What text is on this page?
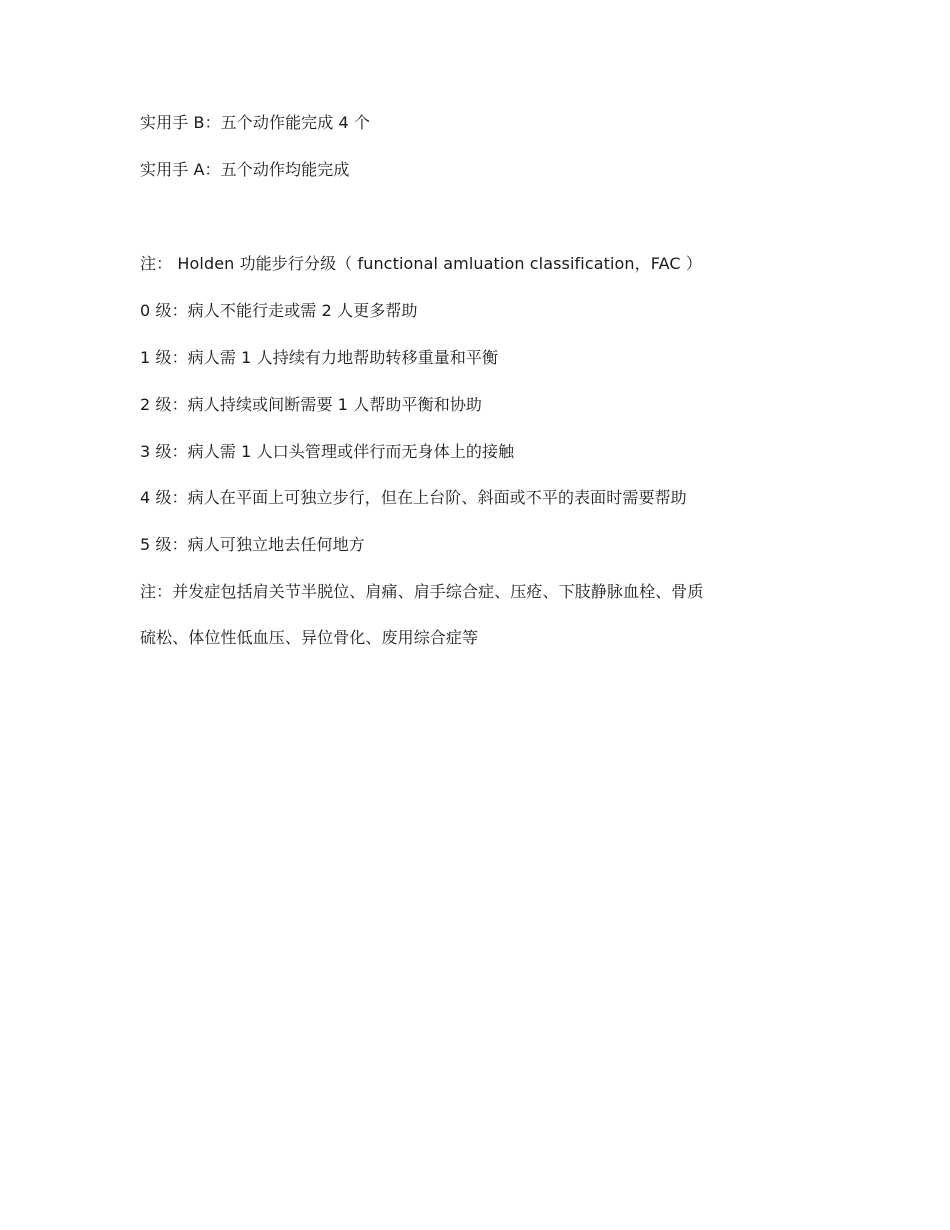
实用手 B：五个动作能完成 4 个
实用手 A：五个动作均能完成
注： Holden 功能步行分级（ functional amluation classification，FAC ）
0 级：病人不能行走或需 2 人更多帮助
1 级：病人需 1 人持续有力地帮助转移重量和平衡
2 级：病人持续或间断需要 1 人帮助平衡和协助
3 级：病人需 1 人口头管理或伴行而无身体上的接触
4 级：病人在平面上可独立步行，但在上台阶、斜面或不平的表面时需要帮助
5 级：病人可独立地去任何地方
注：并发症包括肩关节半脱位、肩痛、肩手综合症、压疮、下肢静脉血栓、骨质
硫松、体位性低血压、异位骨化、废用综合症等
